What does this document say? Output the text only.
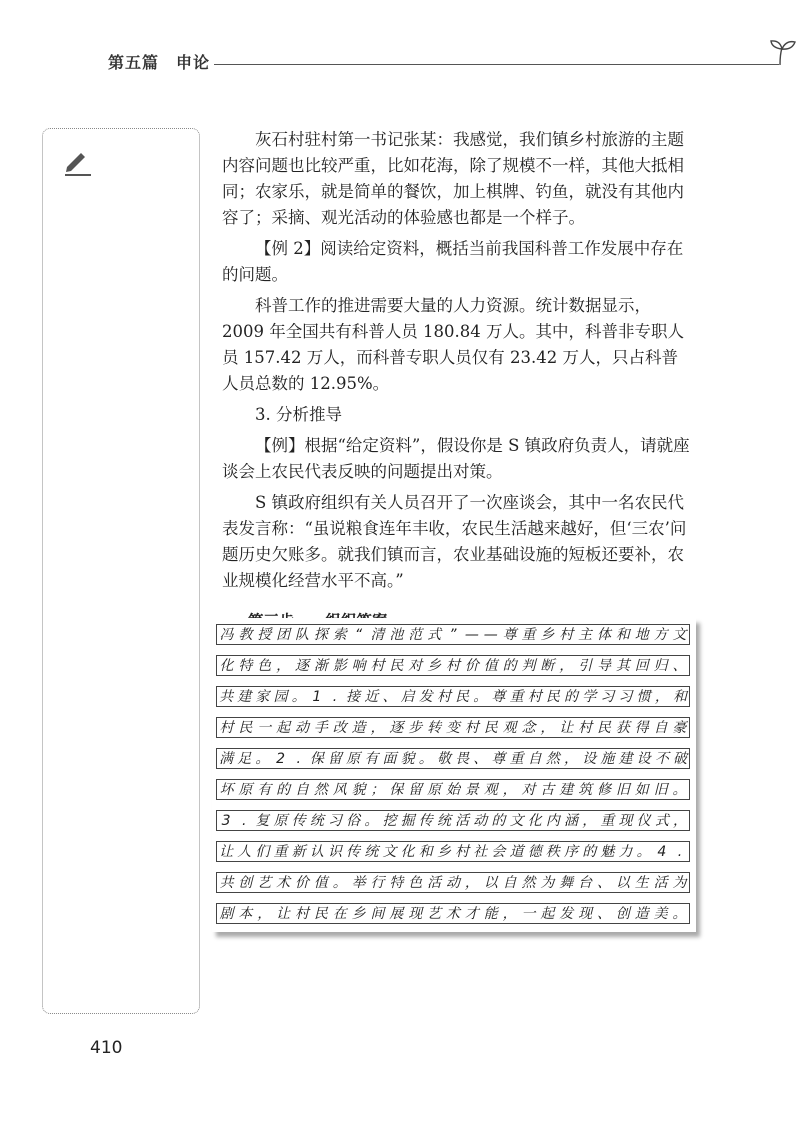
第五篇　申论

灰石村驻村第一书记张某：我感觉，我们镇乡村旅游的主题内容问题也比较严重，比如花海，除了规模不一样，其他大抵相同；农家乐，就是简单的餐饮，加上棋牌、钓鱼，就没有其他内容了；采摘、观光活动的体验感也都是一个样子。

【例 2】阅读给定资料，概括当前我国科普工作发展中存在的问题。

科普工作的推进需要大量的人力资源。统计数据显示，2009 年全国共有科普人员 180.84 万人。其中，科普非专职人员 157.42 万人，而科普专职人员仅有 23.42 万人，只占科普人员总数的 12.95%。

3. 分析推导

【例】根据“给定资料”，假设你是 S 镇政府负责人，请就座谈会上农民代表反映的问题提出对策。

S 镇政府组织有关人员召开了一次座谈会，其中一名农民代表发言称：“虽说粮食连年丰收，农民生活越来越好，但‘三农’问题历史欠账多。就我们镇而言，农业基础设施的短板还要补，农业规模化经营水平不高。”

冯 教 授 团 队 探 索 “ 清 池 范 式 ” — — 尊 重 乡 村 主 体 和 地 方 文
化 特 色 ， 逐 渐 影 响 村 民 对 乡 村 价 值 的 判 断 ， 引 导 其 回 归 、
共 建 家 园 。 1 . 接 近 、 启 发 村 民 。 尊 重 村 民 的 学 习 习 惯 ， 和
村 民 一 起 动 手 改 造 ， 逐 步 转 变 村 民 观 念 ， 让 村 民 获 得 自 豪
满 足 。 2 . 保 留 原 有 面 貌 。 敬 畏 、 尊 重 自 然 ， 设 施 建 设 不 破
坏 原 有 的 自 然 风 貌 ； 保 留 原 始 景 观 ， 对 古 建 筑 修 旧 如 旧 。
3 . 复 原 传 统 习 俗 。 挖 掘 传 统 活 动 的 文 化 内 涵 ， 重 现 仪 式 ，
让 人 们 重 新 认 识 传 统 文 化 和 乡 村 社 会 道 德 秩 序 的 魅 力 。 4 .
共 创 艺 术 价 值 。 举 行 特 色 活 动 ， 以 自 然 为 舞 台 、 以 生 活 为
剧 本 ， 让 村 民 在 乡 间 展 现 艺 术 才 能 ， 一 起 发 现 、 创 造 美 。
410
